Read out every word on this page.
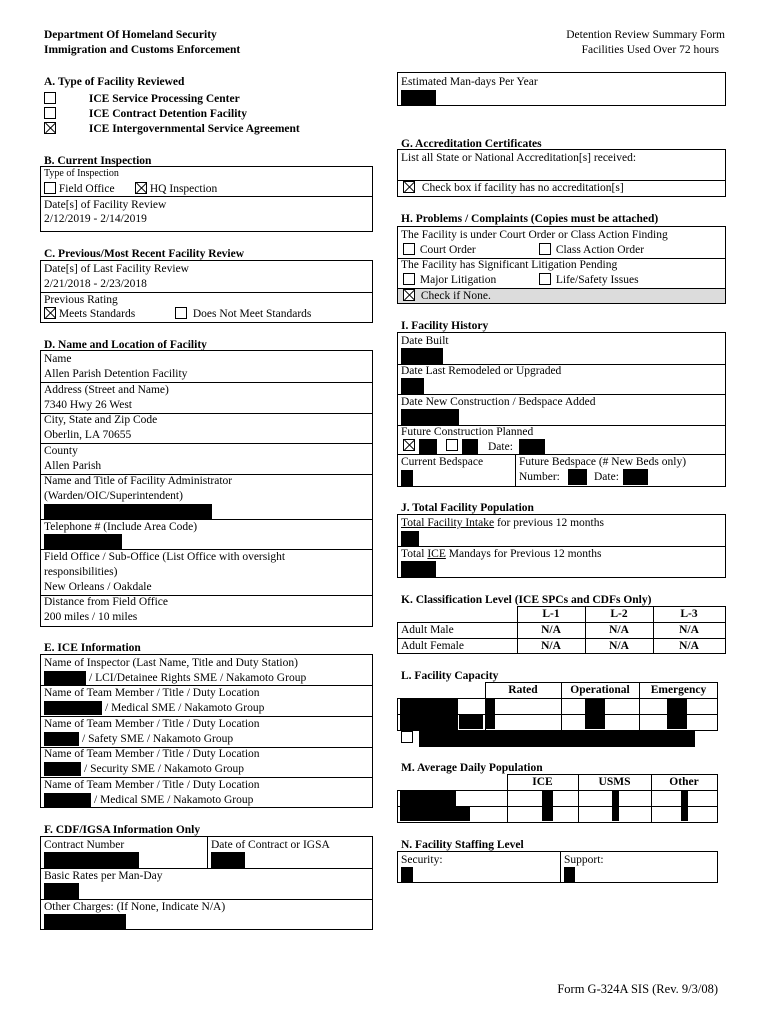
Department Of Homeland Security
Immigration and Customs Enforcement
Detention Review Summary Form
Facilities Used Over 72 hours
A. Type of Facility Reviewed
ICE Service Processing Center
ICE Contract Detention Facility
ICE Intergovernmental Service Agreement
B. Current Inspection
Type of Inspection
Field Office	HQ Inspection
Date[s] of Facility Review
2/12/2019 - 2/14/2019
C. Previous/Most Recent Facility Review
Date[s] of Last Facility Review
2/21/2018 - 2/23/2018
Previous Rating
Meets Standards	Does Not Meet Standards
D. Name and Location of Facility
Name
Allen Parish Detention Facility
Address (Street and Name)
7340 Hwy 26 West
City, State and Zip Code
Oberlin, LA 70655
County
Allen Parish
Name and Title of Facility Administrator
(Warden/OIC/Superintendent)
Telephone # (Include Area Code)
Field Office / Sub-Office (List Office with oversight
responsibilities)
New Orleans / Oakdale
Distance from Field Office
200 miles / 10 miles
E. ICE Information
Name of Inspector (Last Name, Title and Duty Station)
/ LCI/Detainee Rights SME / Nakamoto Group
Name of Team Member / Title / Duty Location
/ Medical SME / Nakamoto Group
Name of Team Member / Title / Duty Location
/ Safety SME / Nakamoto Group
Name of Team Member / Title / Duty Location
/ Security SME / Nakamoto Group
Name of Team Member / Title / Duty Location
/ Medical SME / Nakamoto Group
F. CDF/IGSA Information Only
Contract Number	Date of Contract or IGSA
Basic Rates per Man-Day
Other Charges: (If None, Indicate N/A)
Estimated Man-days Per Year
G. Accreditation Certificates
List all State or National Accreditation[s] received:
Check box if facility has no accreditation[s]
H. Problems / Complaints (Copies must be attached)
The Facility is under Court Order or Class Action Finding
Court Order	Class Action Order
The Facility has Significant Litigation Pending
Major Litigation	Life/Safety Issues
Check if None.
I. Facility History
Date Built
Date Last Remodeled or Upgraded
Date New Construction / Bedspace Added
Future Construction Planned
Date:
Current Bedspace	Future Bedspace (# New Beds only)
Number:	Date:
J. Total Facility Population
Total Facility Intake for previous 12 months
Total ICE Mandays for Previous 12 months
K. Classification Level (ICE SPCs and CDFs Only)
L-1	L-2	L-3
Adult Male	N/A	N/A	N/A
Adult Female	N/A	N/A	N/A
L. Facility Capacity
Rated	Operational	Emergency
M. Average Daily Population
ICE	USMS	Other
N. Facility Staffing Level
Security:	Support:
Form G-324A SIS (Rev. 9/3/08)
